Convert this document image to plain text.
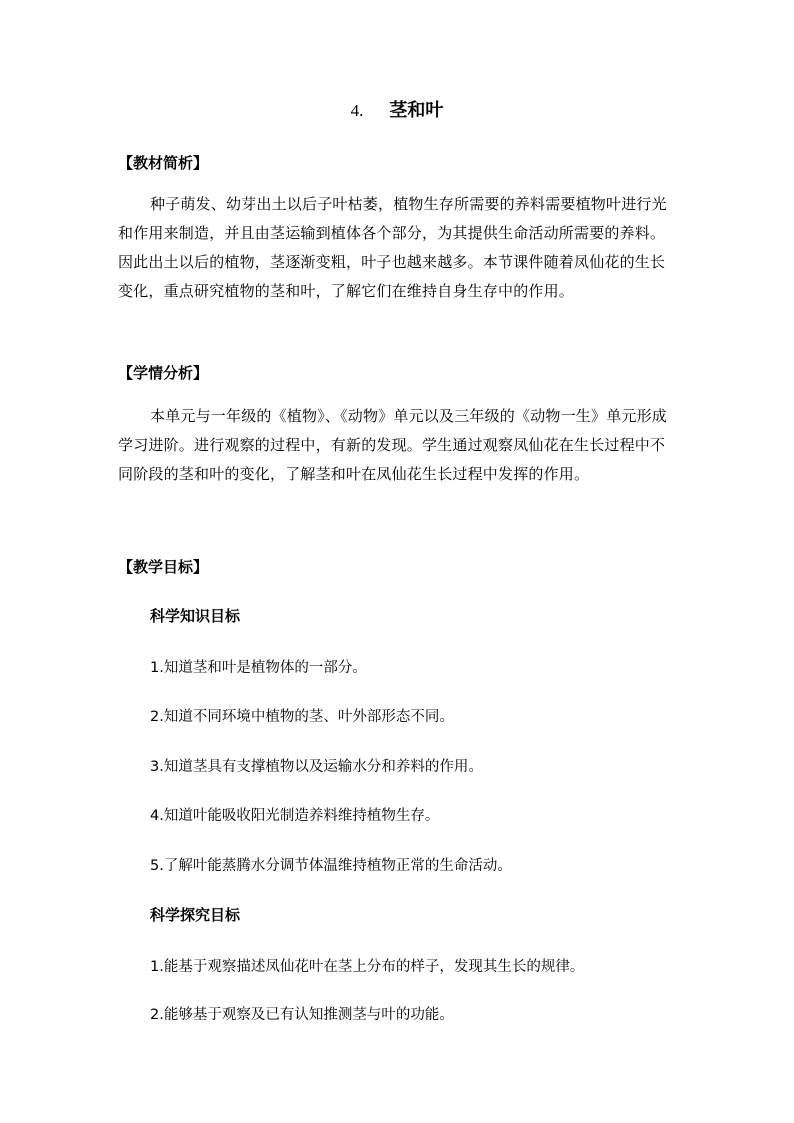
4. 茎和叶
【教材简析】
种子萌发、幼芽出土以后子叶枯萎，植物生存所需要的养料需要植物叶进行光和作用来制造，并且由茎运输到植体各个部分，为其提供生命活动所需要的养料。因此出土以后的植物，茎逐渐变粗，叶子也越来越多。本节课件随着凤仙花的生长变化，重点研究植物的茎和叶，了解它们在维持自身生存中的作用。
【学情分析】
本单元与一年级的《植物》、《动物》单元以及三年级的《动物一生》单元形成学习进阶。进行观察的过程中，有新的发现。学生通过观察凤仙花在生长过程中不同阶段的茎和叶的变化，了解茎和叶在凤仙花生长过程中发挥的作用。
【教学目标】
科学知识目标
1.知道茎和叶是植物体的一部分。
2.知道不同环境中植物的茎、叶外部形态不同。
3.知道茎具有支撑植物以及运输水分和养料的作用。
4.知道叶能吸收阳光制造养料维持植物生存。
5.了解叶能蒸腾水分调节体温维持植物正常的生命活动。
科学探究目标
1.能基于观察描述凤仙花叶在茎上分布的样子，发现其生长的规律。
2.能够基于观察及已有认知推测茎与叶的功能。
